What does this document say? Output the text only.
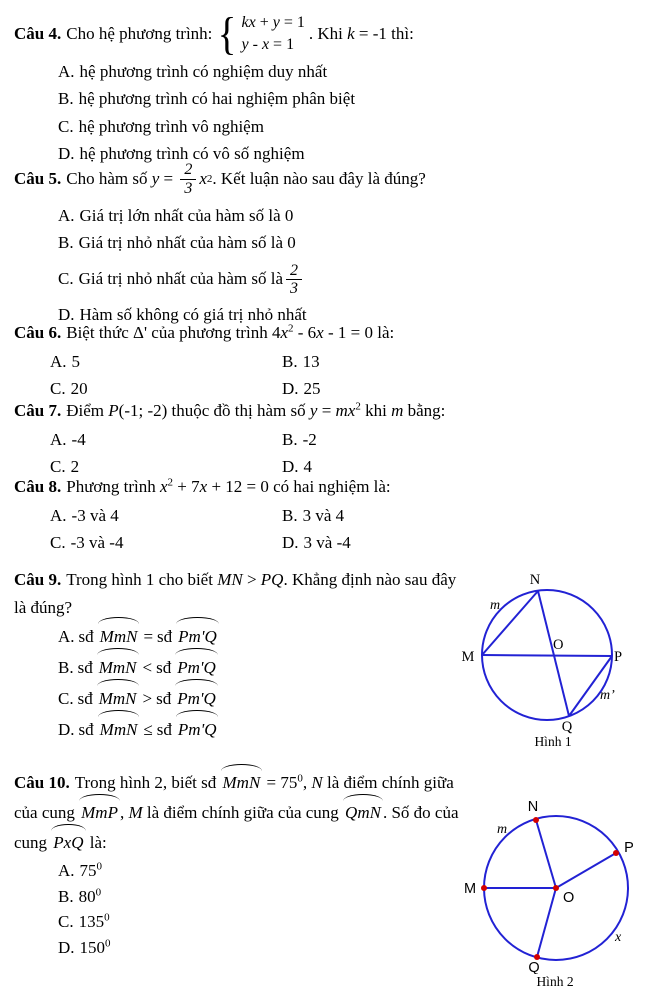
Câu 4. Cho hệ phương trình: { kx + y = 1
y - x = 1
. Khi k = -1 thì:
A. hệ phương trình có nghiệm duy nhất
B. hệ phương trình có hai nghiệm phân biệt
C. hệ phương trình vô nghiệm
D. hệ phương trình có vô số nghiệm
Câu 5. Cho hàm số $y = \frac{2}{3}$ x 2 . Kết luận nào sau đây là đúng?
A. Giá trị lớn nhất của hàm số là 0
B. Giá trị nhỏ nhất của hàm số là 0
C. Giá trị nhỏ nhất của hàm số là $\frac{2}{3}$
D. Hàm số không có giá trị nhỏ nhất
Câu 6. Biệt thức Δ' của phương trình $4x^2 - 6x - 1 = 0$ là:
A. 5	B. 13
C. 20	D. 25
Câu 7. Điểm P(-1; -2) thuộc đồ thị hàm số $y = mx^2$ khi m bằng:
A. -4	B. -2
C. 2	D. 4
Câu 8. Phương trình $x^2 + 7x + 12 = 0$ có hai nghiệm là:
A. -3 và 4	B. 3 và 4
C. -3 và -4	D. 3 và -4
Câu 9. Trong hình 1 cho biết MN > PQ. Khẳng định nào sau đây
là đúng?
A. sđ MmN = sđ Pm'Q
B. sđ MmN < sđ Pm'Q
C. sđ MmN > sđ Pm'Q
D. sđ MmN ≤ sđ Pm'Q
Câu 10. Trong hình 2, biết sđ MmN = $75^0$, N là điểm chính giữa
của cung MmP , M là điểm chính giữa của cung QmN . Số đo của
cung PxQ là:
A. $75^0$
B. $80^0$
C. $135^0$
D. $150^0$
N
M	P
Q
O
m
m’
Hình 1
N
M
P
Q
O
m
x
Hình 2
